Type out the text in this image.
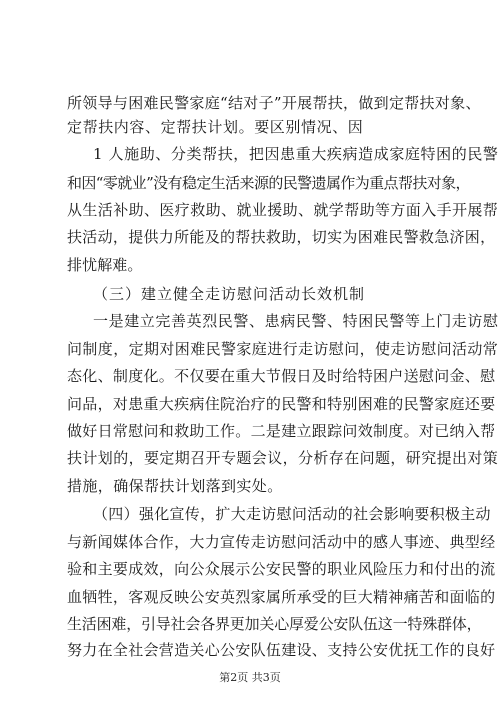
所领导与困难民警家庭“结对子”开展帮扶，做到定帮扶对象、
定帮扶内容、定帮扶计划。要区别情况、因
1 人施助、分类帮扶，把因患重大疾病造成家庭特困的民警
和因“零就业”没有稳定生活来源的民警遗属作为重点帮扶对象，
从生活补助、医疗救助、就业援助、就学帮助等方面入手开展帮
扶活动，提供力所能及的帮扶救助，切实为困难民警救急济困，
排忧解难。
（三）建立健全走访慰问活动长效机制
一是建立完善英烈民警、患病民警、特困民警等上门走访慰
问制度，定期对困难民警家庭进行走访慰问，使走访慰问活动常
态化、制度化。不仅要在重大节假日及时给特困户送慰问金、慰
问品，对患重大疾病住院治疗的民警和特别困难的民警家庭还要
做好日常慰问和救助工作。二是建立跟踪问效制度。对已纳入帮
扶计划的，要定期召开专题会议，分析存在问题，研究提出对策
措施，确保帮扶计划落到实处。
（四）强化宣传，扩大走访慰问活动的社会影响要积极主动
与新闻媒体合作，大力宣传走访慰问活动中的感人事迹、典型经
验和主要成效，向公众展示公安民警的职业风险压力和付出的流
血牺牲，客观反映公安英烈家属所承受的巨大精神痛苦和面临的
生活困难，引导社会各界更加关心厚爱公安队伍这一特殊群体，
努力在全社会营造关心公安队伍建设、支持公安优抚工作的良好
第2页 共3页
